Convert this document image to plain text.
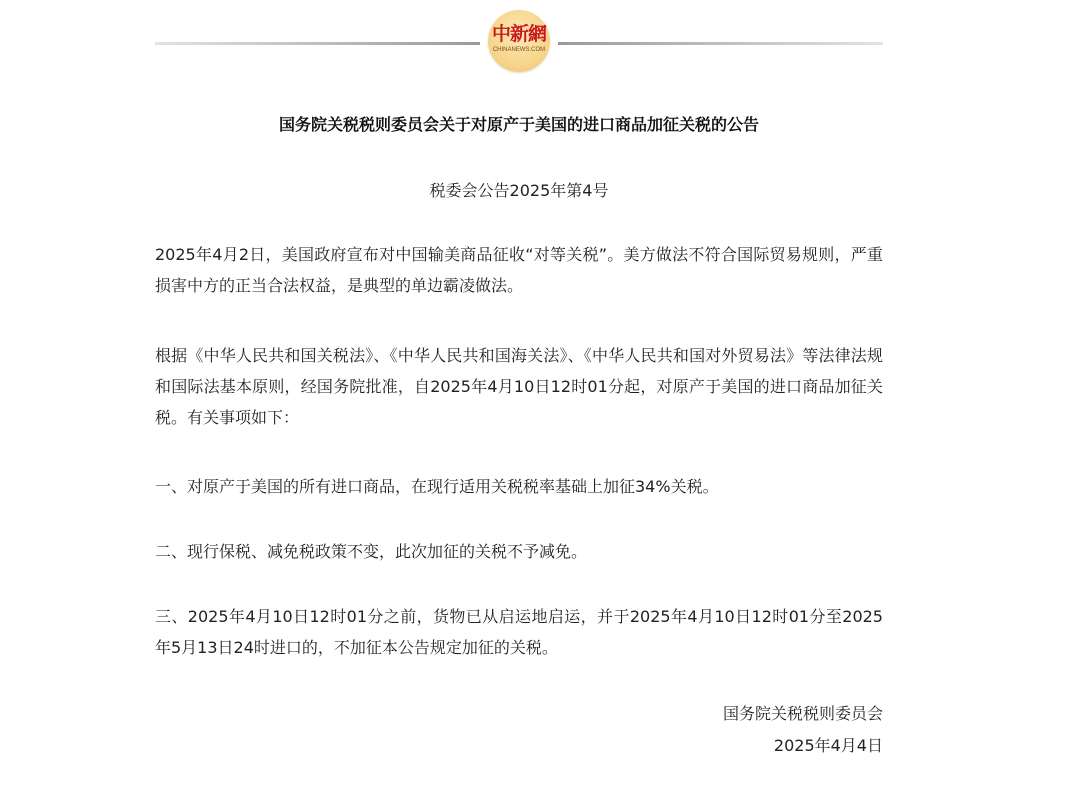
中新網
CHINANEWS.COM
国务院关税税则委员会关于对原产于美国的进口商品加征关税的公告

税委会公告2025年第4号

2025年4月2日，美国政府宣布对中国输美商品征收“对等关税”。美方做法不符合国际贸易规则，严重损害中方的正当合法权益，是典型的单边霸凌做法。

根据《中华人民共和国关税法》、《中华人民共和国海关法》、《中华人民共和国对外贸易法》等法律法规和国际法基本原则，经国务院批准，自2025年4月10日12时01分起，对原产于美国的进口商品加征关税。有关事项如下：

一、对原产于美国的所有进口商品，在现行适用关税税率基础上加征34%关税。

二、现行保税、减免税政策不变，此次加征的关税不予减免。

三、2025年4月10日12时01分之前，货物已从启运地启运，并于2025年4月10日12时01分至2025年5月13日24时进口的，不加征本公告规定加征的关税。

国务院关税税则委员会

2025年4月4日
